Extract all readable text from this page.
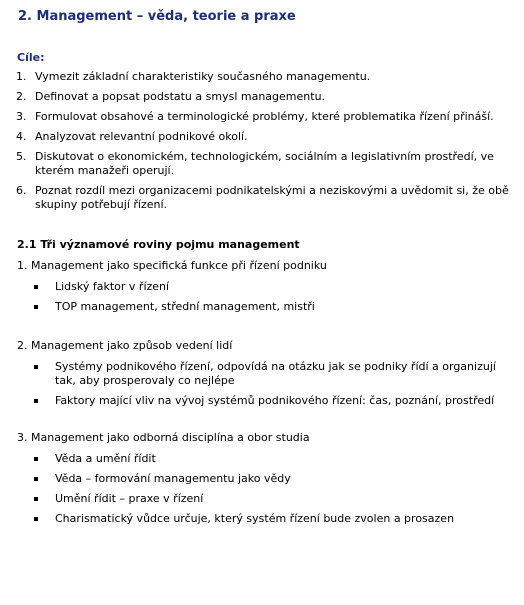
2. Management – věda, teorie a praxe
Cíle:
1. Vymezit základní charakteristiky současného managementu.
2. Definovat a popsat podstatu a smysl managementu.
3. Formulovat obsahové a terminologické problémy, které problematika řízení přináší.
4. Analyzovat relevantní podnikové okolí.
5. Diskutovat o ekonomickém, technologickém, sociálním a legislativním prostředí, ve kterém manažeři operují.
6. Poznat rozdíl mezi organizacemi podnikatelskými a neziskovými a uvědomit si, že obě skupiny potřebují řízení.
2.1 Tři významové roviny pojmu management

1. Management jako specifická funkce při řízení podniku

Lidský faktor v řízení
TOP management, střední management, mistři

2. Management jako způsob vedení lidí

Systémy podnikového řízení, odpovídá na otázku jak se podniky řídí a organizují tak, aby prosperovaly co nejlépe
Faktory mající vliv na vývoj systémů podnikového řízení: čas, poznání, prostředí

3. Management jako odborná disciplína a obor studia

Věda a umění řídit
Věda – formování managementu jako vědy
Umění řídit – praxe v řízení
Charismatický vůdce určuje, který systém řízení bude zvolen a prosazen
